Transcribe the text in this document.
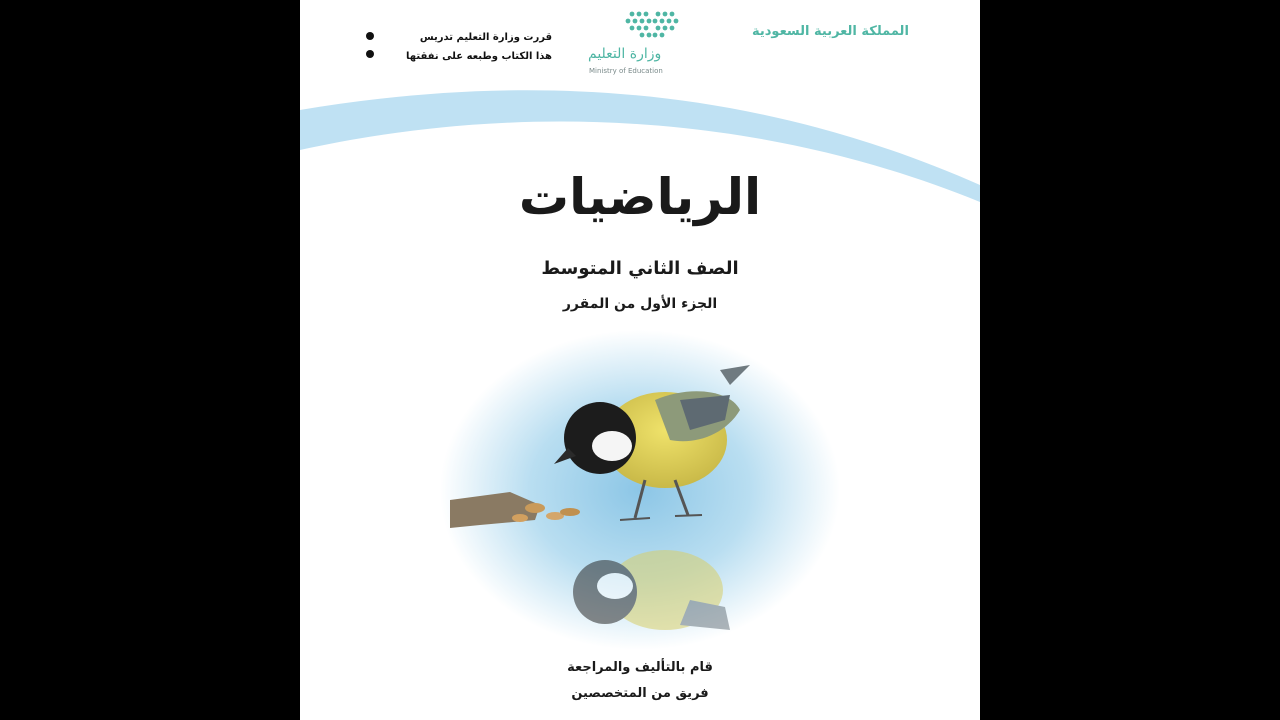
المملكة العربية السعودية
وزارة التعليم
Ministry of Education
قررت وزارة التعليم تدريس
هذا الكتاب وطبعه على نفقتها
الرياضيات
الصف الثاني المتوسط
الجزء الأول من المقرر
قام بالتأليف والمراجعة
فريق من المتخصصين
